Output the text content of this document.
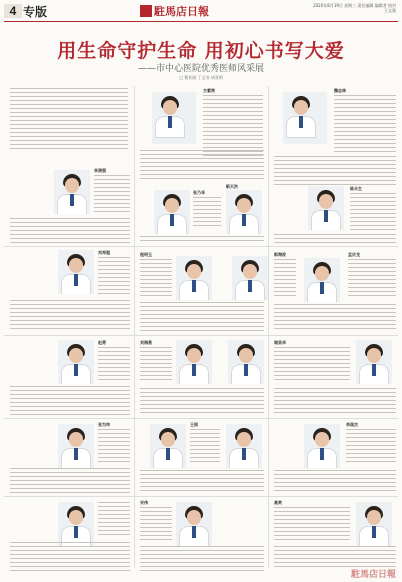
4 专版	駐馬店日報	2020年8月19日 星期三 责任编辑 编辑者 校对 王文强
用生命守护生命 用初心书写大爱
——市中心医院优秀医师风采展
□ 曹亚丽 丁文书 胡亚明
方素贵	魏志林
李清强
张乃华
靳天洪	陈永生
刘邦超	程明玉	郭海波	孟庆龙
赵勇	刘海燕	谢美华
张为坤	王丽	李国杰
宋伟	高爽
駐馬店日報
